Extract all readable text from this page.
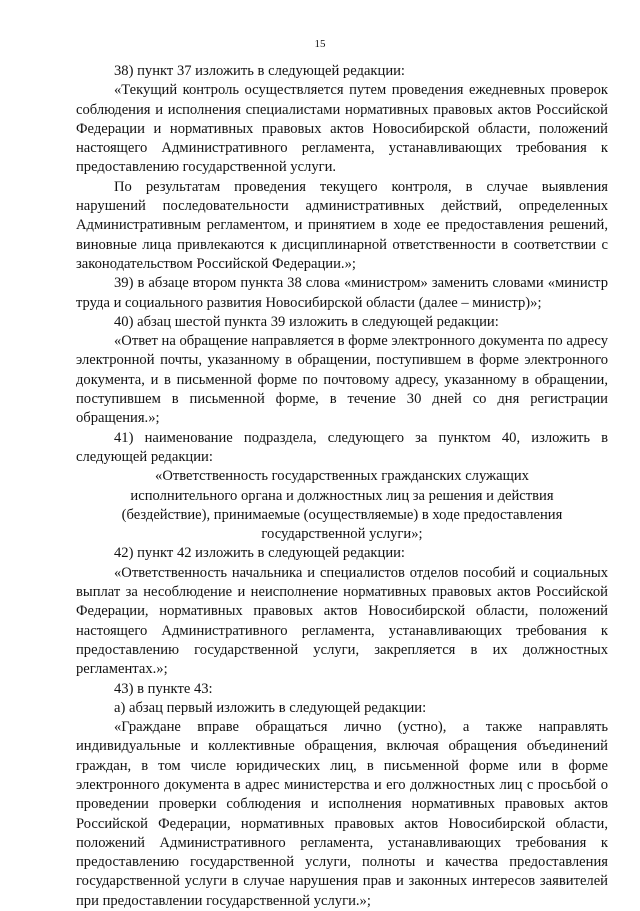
15

38) пункт 37 изложить в следующей редакции:

«Текущий контроль осуществляется путем проведения ежедневных проверок соблюдения и исполнения специалистами нормативных правовых актов Российской Федерации и нормативных правовых актов Новосибирской области, положений настоящего Административного регламента, устанавливающих требования к предоставлению государственной услуги.

По результатам проведения текущего контроля, в случае выявления нарушений последовательности административных действий, определенных Административным регламентом, и принятием в ходе ее предоставления решений, виновные лица привлекаются к дисциплинарной ответственности в соответствии с законодательством Российской Федерации.»;

39) в абзаце втором пункта 38 слова «министром» заменить словами «министр труда и социального развития Новосибирской области (далее – министр)»;

40) абзац шестой пункта 39 изложить в следующей редакции:

«Ответ на обращение направляется в форме электронного документа по адресу электронной почты, указанному в обращении, поступившем в форме электронного документа, и в письменной форме по почтовому адресу, указанному в обращении, поступившем в письменной форме, в течение 30 дней со дня регистрации обращения.»;

41) наименование подраздела, следующего за пунктом 40, изложить в следующей редакции:

«Ответственность государственных гражданских служащих исполнительного органа и должностных лиц за решения и действия (бездействие), принимаемые (осуществляемые) в ходе предоставления государственной услуги»;

42) пункт 42 изложить в следующей редакции:

«Ответственность начальника и специалистов отделов пособий и социальных выплат за несоблюдение и неисполнение нормативных правовых актов Российской Федерации, нормативных правовых актов Новосибирской области, положений настоящего Административного регламента, устанавливающих требования к предоставлению государственной услуги, закрепляется в их должностных регламентах.»;

43) в пункте 43:

а) абзац первый изложить в следующей редакции:

«Граждане вправе обращаться лично (устно), а также направлять индивидуальные и коллективные обращения, включая обращения объединений граждан, в том числе юридических лиц, в письменной форме или в форме электронного документа в адрес министерства и его должностных лиц с просьбой о проведении проверки соблюдения и исполнения нормативных правовых актов Российской Федерации, нормативных правовых актов Новосибирской области, положений Административного регламента, устанавливающих требования к предоставлению государственной услуги, полноты и качества предоставления государственной услуги в случае нарушения прав и законных интересов заявителей при предоставлении государственной услуги.»;
